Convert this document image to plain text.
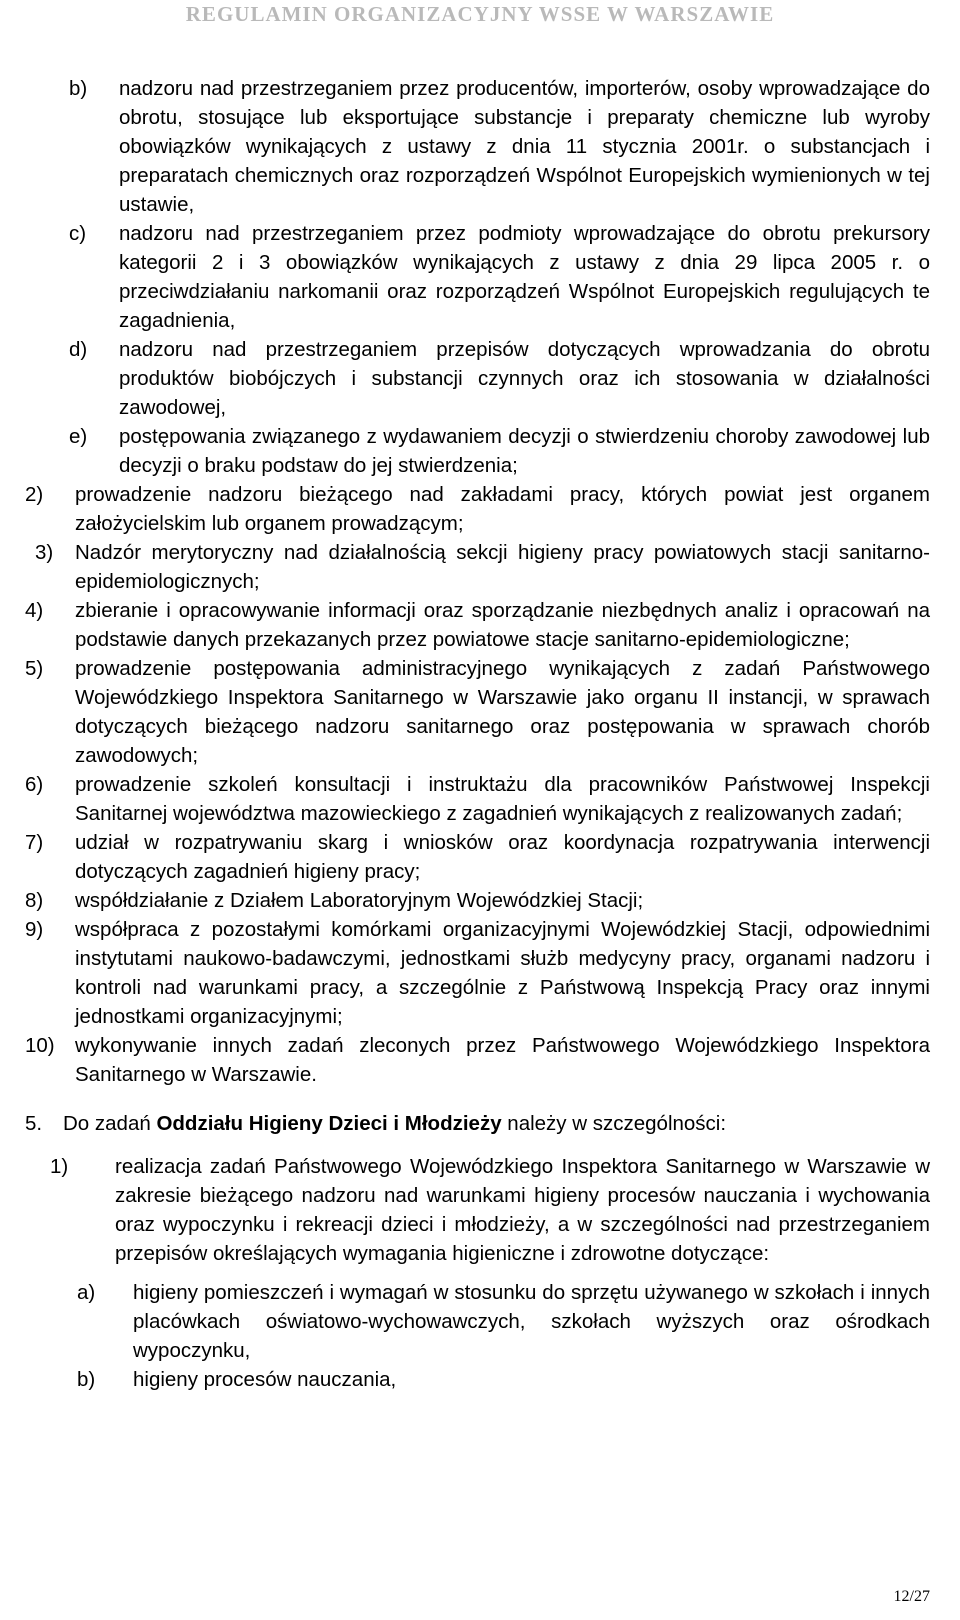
REGULAMIN ORGANIZACYJNY WSSE W WARSZAWIE
b)	nadzoru nad przestrzeganiem przez producentów, importerów, osoby wprowadzające do obrotu, stosujące lub eksportujące substancje i preparaty chemiczne lub wyroby obowiązków wynikających z ustawy z dnia 11 stycznia 2001r. o substancjach i preparatach chemicznych oraz rozporządzeń Wspólnot Europejskich wymienionych w tej ustawie,
c)	nadzoru nad przestrzeganiem przez podmioty wprowadzające do obrotu prekursory kategorii 2 i 3 obowiązków wynikających z ustawy z dnia 29 lipca 2005 r. o przeciwdziałaniu narkomanii oraz rozporządzeń Wspólnot Europejskich regulujących te zagadnienia,
d)	nadzoru nad przestrzeganiem przepisów dotyczących wprowadzania do obrotu produktów biobójczych i substancji czynnych oraz ich stosowania w działalności zawodowej,
e)	postępowania związanego z wydawaniem decyzji o stwierdzeniu choroby zawodowej lub decyzji o braku podstaw do jej stwierdzenia;
2)	prowadzenie nadzoru bieżącego nad zakładami pracy, których powiat jest organem założycielskim lub organem prowadzącym;
3)	Nadzór merytoryczny nad działalnością sekcji higieny pracy powiatowych stacji sanitarno-epidemiologicznych;
4)	zbieranie i opracowywanie informacji oraz sporządzanie niezbędnych analiz i opracowań na podstawie danych przekazanych przez powiatowe stacje sanitarno-epidemiologiczne;
5)	prowadzenie postępowania administracyjnego wynikających z zadań Państwowego Wojewódzkiego Inspektora Sanitarnego w Warszawie jako organu II instancji, w sprawach dotyczących bieżącego nadzoru sanitarnego oraz postępowania w sprawach chorób zawodowych;
6)	prowadzenie szkoleń konsultacji i instruktażu dla pracowników Państwowej Inspekcji Sanitarnej województwa mazowieckiego z zagadnień wynikających z realizowanych zadań;
7)	udział w rozpatrywaniu skarg i wniosków oraz koordynacja rozpatrywania interwencji dotyczących zagadnień higieny pracy;
8)	współdziałanie z Działem Laboratoryjnym Wojewódzkiej Stacji;
9)	współpraca z pozostałymi komórkami organizacyjnymi Wojewódzkiej Stacji, odpowiednimi instytutami naukowo-badawczymi, jednostkami służb medycyny pracy, organami nadzoru i kontroli nad warunkami pracy, a szczególnie z Państwową Inspekcją Pracy oraz innymi jednostkami organizacyjnymi;
10) wykonywanie innych zadań zleconych przez Państwowego Wojewódzkiego Inspektora Sanitarnego w Warszawie.
5.	Do zadań Oddziału Higieny Dzieci i Młodzieży należy w szczególności:
1)	realizacja zadań Państwowego Wojewódzkiego Inspektora Sanitarnego w Warszawie w zakresie bieżącego nadzoru nad warunkami higieny procesów nauczania i wychowania oraz wypoczynku i rekreacji dzieci i młodzieży, a w szczególności nad przestrzeganiem przepisów określających wymagania higieniczne i zdrowotne dotyczące:
a)	higieny pomieszczeń i wymagań w stosunku do sprzętu używanego w szkołach i innych placówkach oświatowo-wychowawczych, szkołach wyższych oraz ośrodkach wypoczynku,
b)	higieny procesów nauczania,
12/27
